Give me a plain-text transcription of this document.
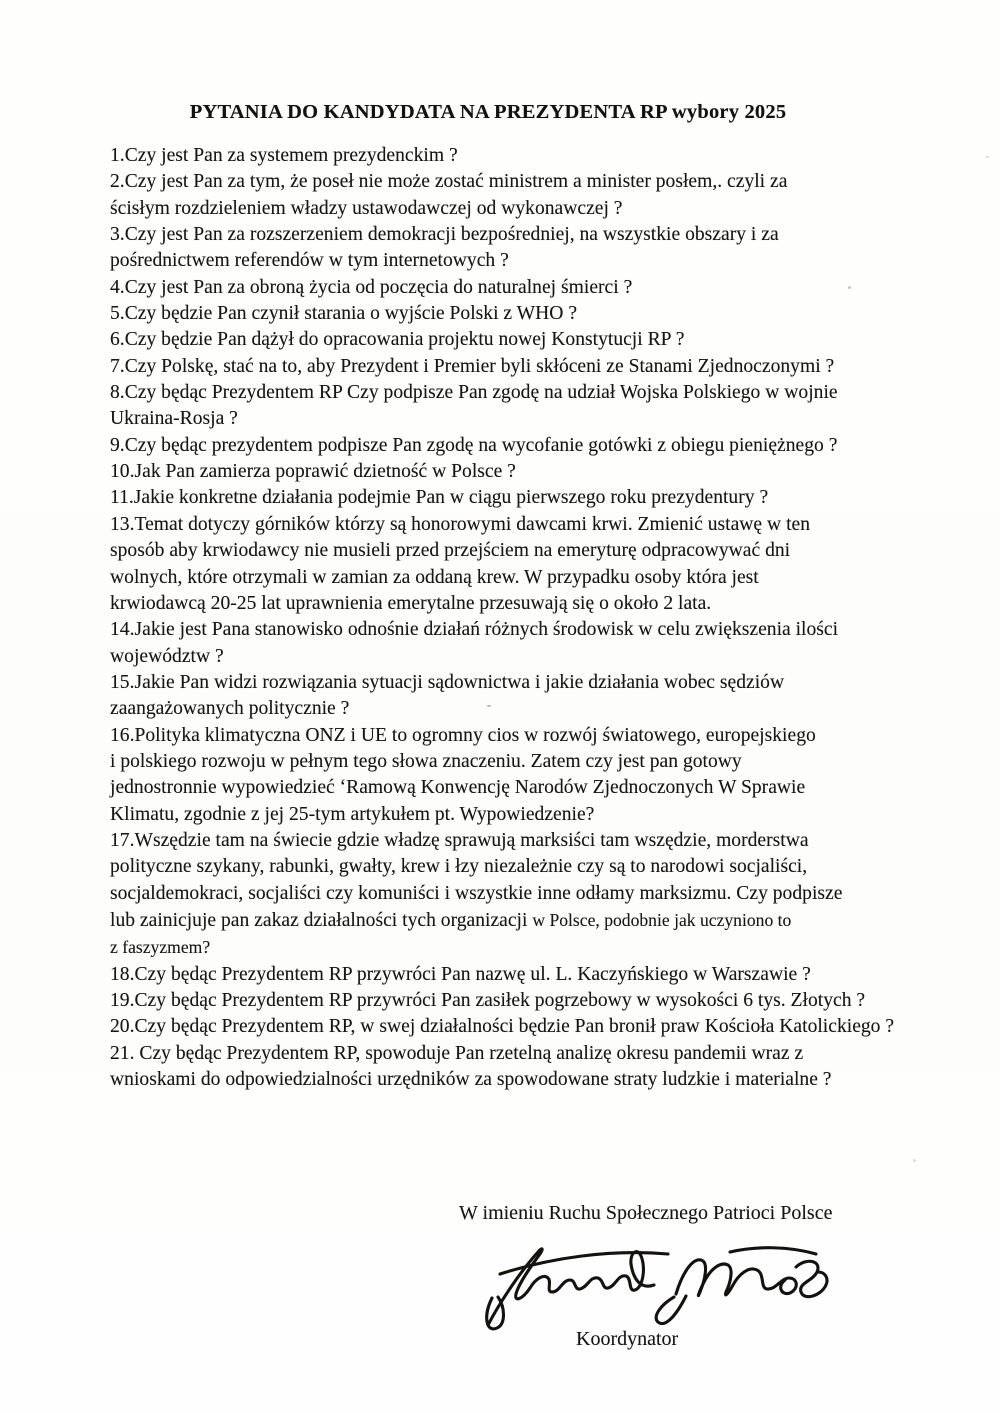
PYTANIA DO KANDYDATA NA PREZYDENTA RP wybory 2025
1.Czy jest Pan za systemem prezydenckim ?
2.Czy jest Pan za tym, że poseł nie może zostać ministrem a minister posłem,. czyli za
ścisłym rozdzieleniem władzy ustawodawczej od wykonawczej ?
3.Czy jest Pan za rozszerzeniem demokracji bezpośredniej, na wszystkie obszary i za
pośrednictwem referendów w tym internetowych ?
4.Czy jest Pan za obroną życia od poczęcia do naturalnej śmierci ?
5.Czy będzie Pan czynił starania o wyjście Polski z WHO ?
6.Czy będzie Pan dążył do opracowania projektu nowej Konstytucji RP ?
7.Czy Polskę, stać na to, aby Prezydent i Premier byli skłóceni ze Stanami Zjednoczonymi ?
8.Czy będąc Prezydentem RP Czy podpisze Pan zgodę na udział Wojska Polskiego w wojnie
Ukraina-Rosja ?
9.Czy będąc prezydentem podpisze Pan zgodę na wycofanie gotówki z obiegu pieniężnego ?
10.Jak Pan zamierza poprawić dzietność w Polsce ?
11.Jakie konkretne działania podejmie Pan w ciągu pierwszego roku prezydentury ?
13.Temat dotyczy górników którzy są honorowymi dawcami krwi. Zmienić ustawę w ten
sposób aby krwiodawcy nie musieli przed przejściem na emeryturę odpracowywać dni
wolnych, które otrzymali w zamian za oddaną krew. W przypadku osoby która jest
krwiodawcą 20-25 lat uprawnienia emerytalne przesuwają się o około 2 lata.
14.Jakie jest Pana stanowisko odnośnie działań różnych środowisk w celu zwiększenia ilości
województw ?
15.Jakie Pan widzi rozwiązania sytuacji sądownictwa i jakie działania wobec sędziów
zaangażowanych politycznie ?
16.Polityka klimatyczna ONZ i UE to ogromny cios w rozwój światowego, europejskiego
i polskiego rozwoju w pełnym tego słowa znaczeniu. Zatem czy jest pan gotowy
jednostronnie wypowiedzieć ‘Ramową Konwencję Narodów Zjednoczonych W Sprawie
Klimatu, zgodnie z jej 25-tym artykułem pt. Wypowiedzenie?
17.Wszędzie tam na świecie gdzie władzę sprawują marksiści tam wszędzie, morderstwa
polityczne szykany, rabunki, gwałty, krew i łzy niezależnie czy są to narodowi socjaliści,
socjaldemokraci, socjaliści czy komuniści i wszystkie inne odłamy marksizmu. Czy podpisze
lub zainicjuje pan zakaz działalności tych organizacji w Polsce, podobnie jak uczyniono to
z faszyzmem?
18.Czy będąc Prezydentem RP przywróci Pan nazwę ul. L. Kaczyńskiego w Warszawie ?
19.Czy będąc Prezydentem RP przywróci Pan zasiłek pogrzebowy w wysokości 6 tys. Złotych ?
20.Czy będąc Prezydentem RP, w swej działalności będzie Pan bronił praw Kościoła Katolickiego ?
21. Czy będąc Prezydentem RP, spowoduje Pan rzetelną analizę okresu pandemii wraz z
wnioskami do odpowiedzialności urzędników za spowodowane straty ludzkie i materialne ?
W imieniu Ruchu Społecznego Patrioci Polsce
Koordynator
